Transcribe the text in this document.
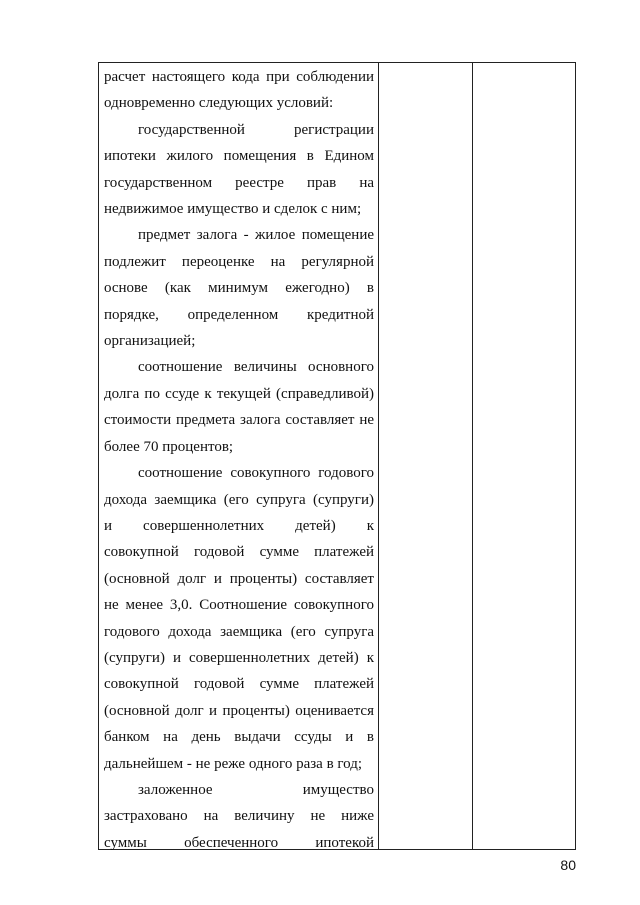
расчет настоящего кода при соблюдении
одновременно следующих условий:
государственной регистрации
ипотеки жилого помещения в Едином
государственном реестре прав на
недвижимое имущество и сделок с ним;
предмет залога - жилое помещение
подлежит переоценке на регулярной
основе (как минимум ежегодно) в
порядке, определенном кредитной
организацией;
соотношение величины основного
долга по ссуде к текущей (справедливой)
стоимости предмета залога составляет не
более 70 процентов;
соотношение совокупного годового
дохода заемщика (его супруга (супруги)
и совершеннолетних детей) к
совокупной годовой сумме платежей
(основной долг и проценты) составляет
не менее 3,0. Соотношение совокупного
годового дохода заемщика (его супруга
(супруги) и совершеннолетних детей) к
совокупной годовой сумме платежей
(основной долг и проценты) оценивается
банком на день выдачи ссуды и в
дальнейшем - не реже одного раза в год;
заложенное имущество
застраховано на величину не ниже
суммы обеспеченного ипотекой
80
